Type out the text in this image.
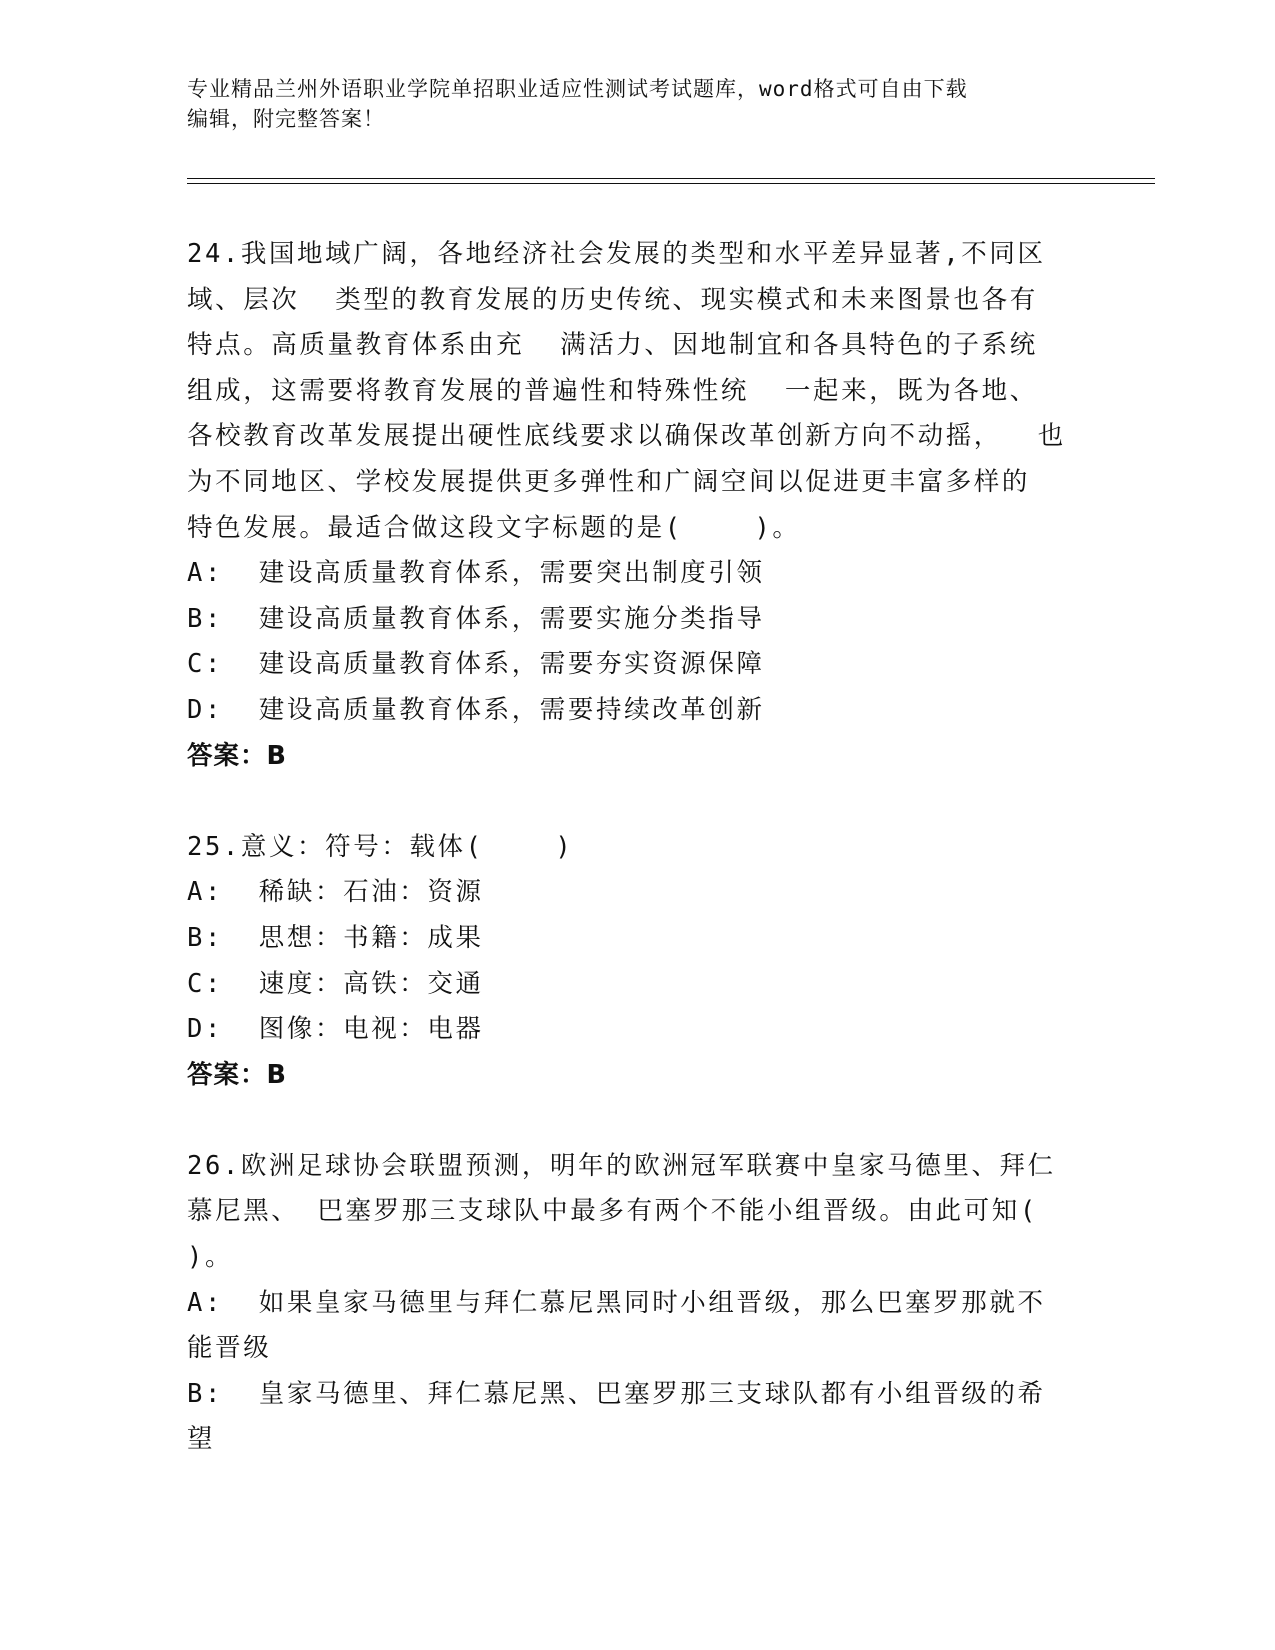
专业精品兰州外语职业学院单招职业适应性测试考试题库，word格式可自由下载
编辑，附完整答案！
24.我国地域广阔，各地经济社会发展的类型和水平差异显著,不同区
域、层次  类型的教育发展的历史传统、现实模式和未来图景也各有
特点。高质量教育体系由充  满活力、因地制宜和各具特色的子系统
组成，这需要将教育发展的普遍性和特殊性统  一起来，既为各地、
各校教育改革发展提出硬性底线要求以确保改革创新方向不动摇，  也
为不同地区、学校发展提供更多弹性和广阔空间以促进更丰富多样的
特色发展。最适合做这段文字标题的是(    )。
A:  建设高质量教育体系，需要突出制度引领
B:  建设高质量教育体系，需要实施分类指导
C:  建设高质量教育体系，需要夯实资源保障
D:  建设高质量教育体系，需要持续改革创新
答案：B
25.意义：符号：载体(    )
A:  稀缺：石油：资源
B:  思想：书籍：成果
C:  速度：高铁：交通
D:  图像：电视：电器
答案：B
26.欧洲足球协会联盟预测，明年的欧洲冠军联赛中皇家马德里、拜仁
慕尼黑、 巴塞罗那三支球队中最多有两个不能小组晋级。由此可知(
)。
A:  如果皇家马德里与拜仁慕尼黑同时小组晋级，那么巴塞罗那就不
能晋级
B:  皇家马德里、拜仁慕尼黑、巴塞罗那三支球队都有小组晋级的希
望
